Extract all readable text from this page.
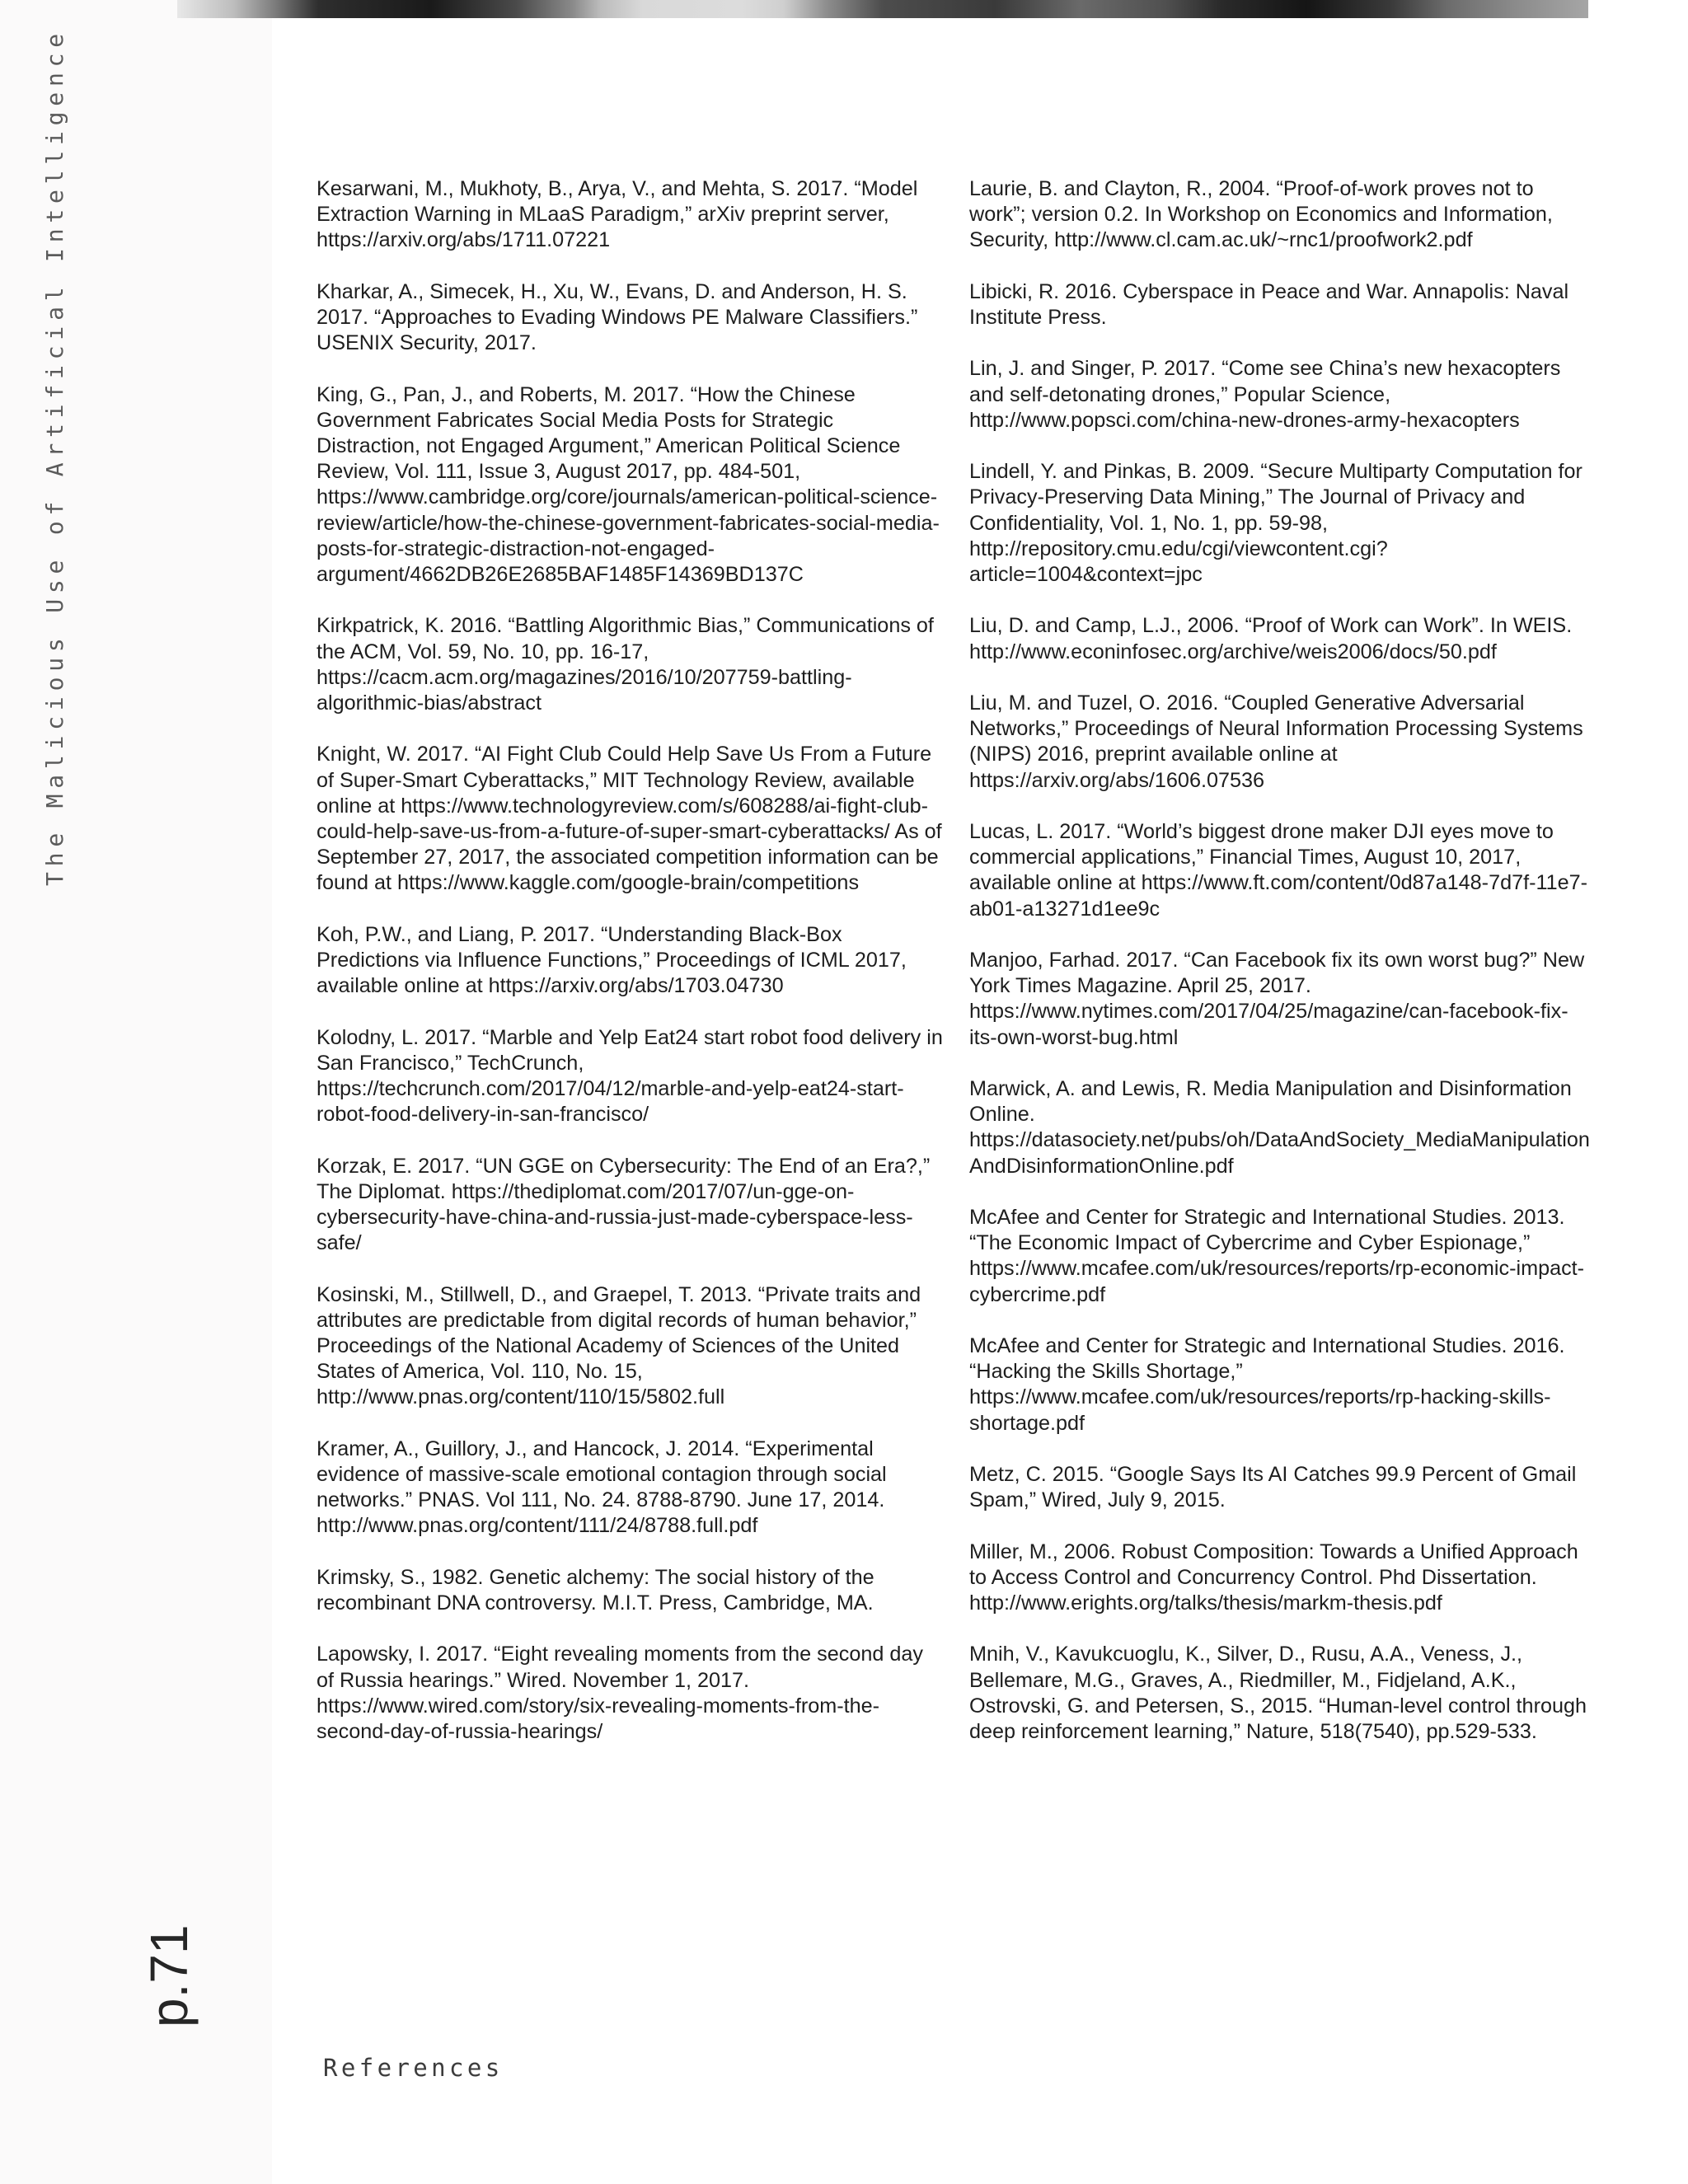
The Malicious Use of Artificial Intelligence
p.71
References

Kesarwani, M., Mukhoty, B., Arya, V., and Mehta, S. 2017. “Model Extraction Warning in MLaaS Paradigm,” arXiv preprint server, https://arxiv.org/abs/1711.07221

Kharkar, A., Simecek, H., Xu, W., Evans, D. and Anderson, H. S. 2017. “Approaches to Evading Windows PE Malware Classifiers.” USENIX Security, 2017.

King, G., Pan, J., and Roberts, M. 2017. “How the Chinese Government Fabricates Social Media Posts for Strategic Distraction, not Engaged Argument,” American Political Science Review, Vol. 111, Issue 3, August 2017, pp. 484-501, https://www.cambridge.org/core/journals/american-political-science-review/article/how-the-chinese-government-fabricates-social-media-posts-for-strategic-distraction-not-engaged-argument/4662DB26E2685BAF1485F14369BD137C

Kirkpatrick, K. 2016. “Battling Algorithmic Bias,” Communications of the ACM, Vol. 59, No. 10, pp. 16-17, https://cacm.acm.org/magazines/2016/10/207759-battling-algorithmic-bias/abstract

Knight, W. 2017. “AI Fight Club Could Help Save Us From a Future of Super-Smart Cyberattacks,” MIT Technology Review, available online at https://www.technologyreview.com/s/608288/ai-fight-club-could-help-save-us-from-a-future-of-super-smart-cyberattacks/ As of September 27, 2017, the associated competition information can be found at https://www.kaggle.com/google-brain/competitions

Koh, P.W., and Liang, P. 2017. “Understanding Black-Box Predictions via Influence Functions,” Proceedings of ICML 2017, available online at https://arxiv.org/abs/1703.04730

Kolodny, L. 2017. “Marble and Yelp Eat24 start robot food delivery in San Francisco,” TechCrunch, https://techcrunch.com/2017/04/12/marble-and-yelp-eat24-start-robot-food-delivery-in-san-francisco/

Korzak, E. 2017. “UN GGE on Cybersecurity: The End of an Era?,” The Diplomat. https://thediplomat.com/2017/07/un-gge-on-cybersecurity-have-china-and-russia-just-made-cyberspace-less-safe/

Kosinski, M., Stillwell, D., and Graepel, T. 2013. “Private traits and attributes are predictable from digital records of human behavior,” Proceedings of the National Academy of Sciences of the United States of America, Vol. 110, No. 15, http://www.pnas.org/content/110/15/5802.full

Kramer, A., Guillory, J., and Hancock, J. 2014. “Experimental evidence of massive-scale emotional contagion through social networks.” PNAS. Vol 111, No. 24. 8788-8790. June 17, 2014. http://www.pnas.org/content/111/24/8788.full.pdf

Krimsky, S., 1982. Genetic alchemy: The social history of the recombinant DNA controversy. M.I.T. Press, Cambridge, MA.

Lapowsky, I. 2017. “Eight revealing moments from the second day of Russia hearings.” Wired. November 1, 2017. https://www.wired.com/story/six-revealing-moments-from-the-second-day-of-russia-hearings/

Laurie, B. and Clayton, R., 2004. “Proof-of-work proves not to work”; version 0.2. In Workshop on Economics and Information, Security, http://www.cl.cam.ac.uk/~rnc1/proofwork2.pdf

Libicki, R. 2016. Cyberspace in Peace and War. Annapolis: Naval Institute Press.

Lin, J. and Singer, P. 2017. “Come see China’s new hexacopters and self-detonating drones,” Popular Science, http://www.popsci.com/china-new-drones-army-hexacopters

Lindell, Y. and Pinkas, B. 2009. “Secure Multiparty Computation for Privacy-Preserving Data Mining,” The Journal of Privacy and Confidentiality, Vol. 1, No. 1, pp. 59-98, http://repository.cmu.edu/cgi/viewcontent.cgi?article=1004&context=jpc

Liu, D. and Camp, L.J., 2006. “Proof of Work can Work”. In WEIS. http://www.econinfosec.org/archive/weis2006/docs/50.pdf

Liu, M. and Tuzel, O. 2016. “Coupled Generative Adversarial Networks,” Proceedings of Neural Information Processing Systems (NIPS) 2016, preprint available online at https://arxiv.org/abs/1606.07536

Lucas, L. 2017. “World’s biggest drone maker DJI eyes move to commercial applications,” Financial Times, August 10, 2017, available online at https://www.ft.com/content/0d87a148-7d7f-11e7-ab01-a13271d1ee9c

Manjoo, Farhad. 2017. “Can Facebook fix its own worst bug?” New York Times Magazine. April 25, 2017. https://www.nytimes.com/2017/04/25/magazine/can-facebook-fix-its-own-worst-bug.html

Marwick, A. and Lewis, R. Media Manipulation and Disinformation Online. https://datasociety.net/pubs/oh/DataAndSociety_MediaManipulationAndDisinformationOnline.pdf

McAfee and Center for Strategic and International Studies. 2013. “The Economic Impact of Cybercrime and Cyber Espionage,” https://www.mcafee.com/uk/resources/reports/rp-economic-impact-cybercrime.pdf

McAfee and Center for Strategic and International Studies. 2016. “Hacking the Skills Shortage,” https://www.mcafee.com/uk/resources/reports/rp-hacking-skills-shortage.pdf

Metz, C. 2015. “Google Says Its AI Catches 99.9 Percent of Gmail Spam,” Wired, July 9, 2015.

Miller, M., 2006. Robust Composition: Towards a Unified Approach to Access Control and Concurrency Control. Phd Dissertation. http://www.erights.org/talks/thesis/markm-thesis.pdf

Mnih, V., Kavukcuoglu, K., Silver, D., Rusu, A.A., Veness, J., Bellemare, M.G., Graves, A., Riedmiller, M., Fidjeland, A.K., Ostrovski, G. and Petersen, S., 2015. “Human-level control through deep reinforcement learning,” Nature, 518(7540), pp.529-533.
